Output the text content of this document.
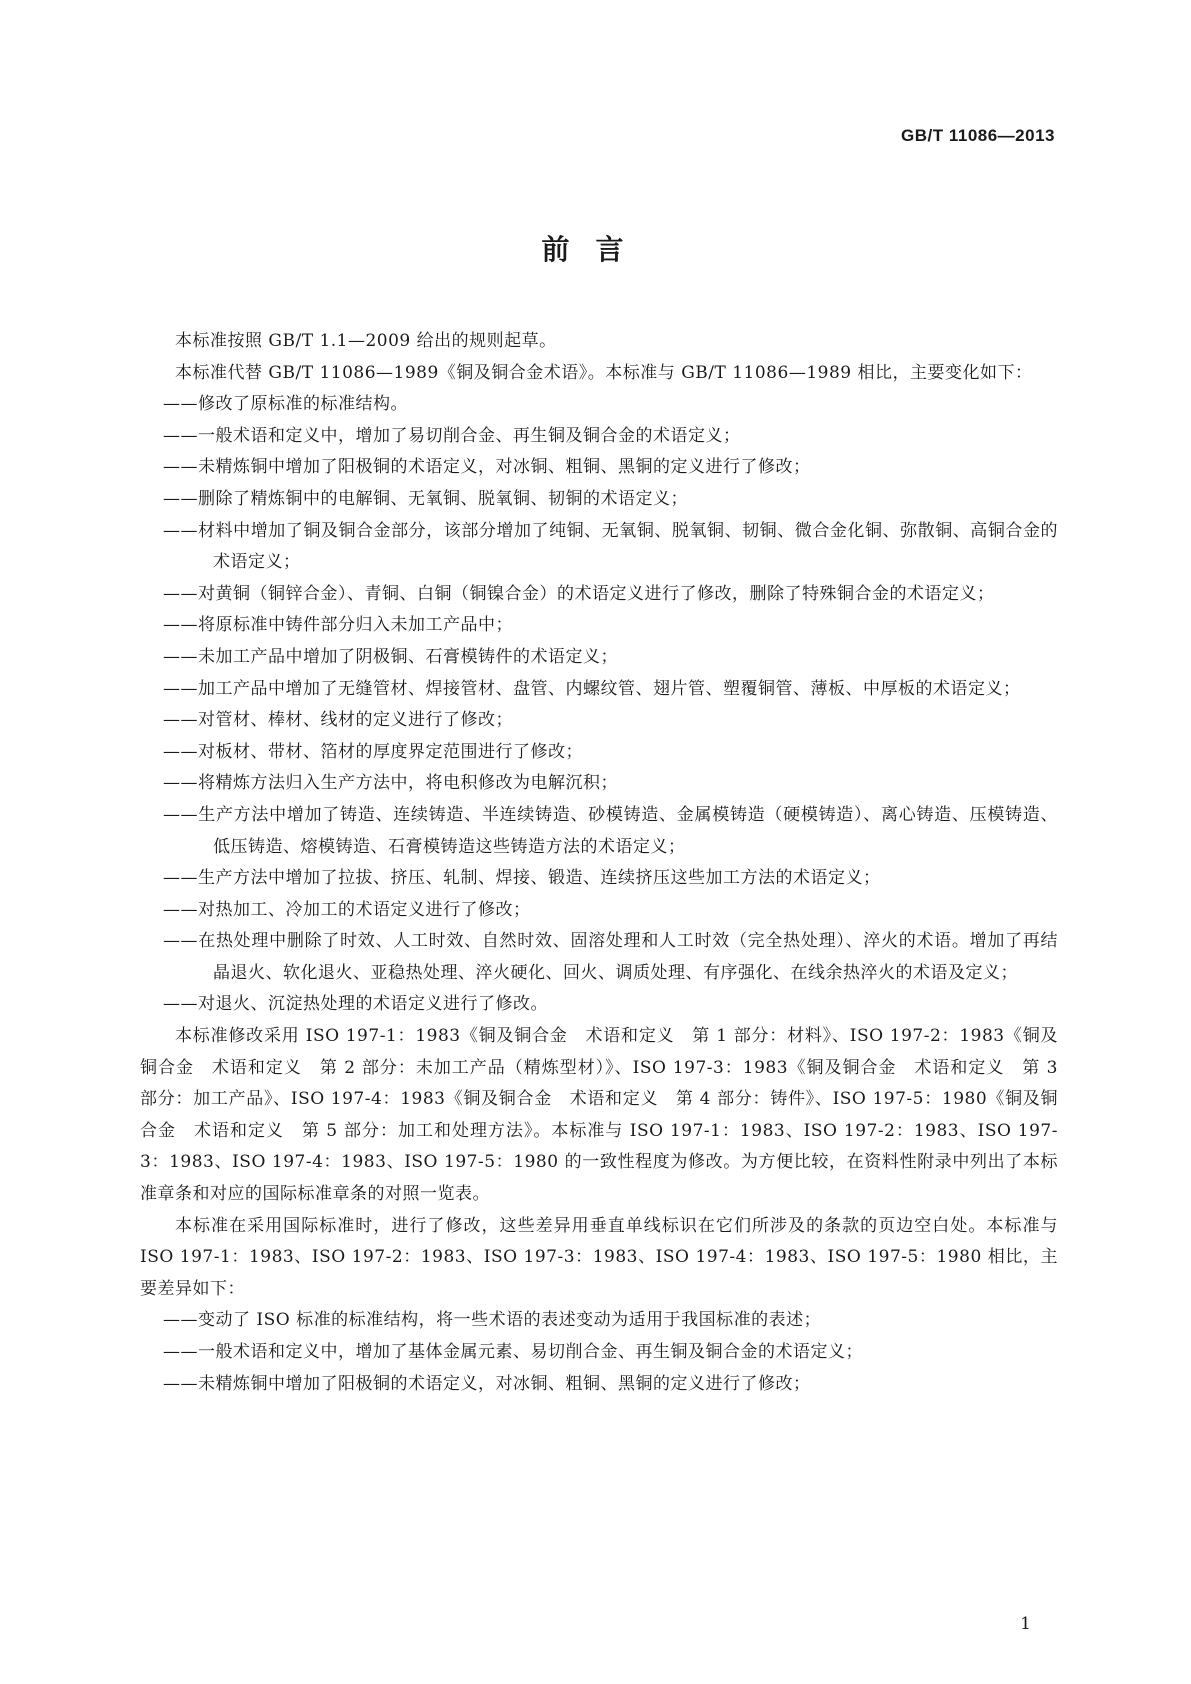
GB/T 11086—2013
前言

本标准按照 GB/T 1.1—2009 给出的规则起草。

本标准代替 GB/T 11086—1989《铜及铜合金术语》。本标准与 GB/T 11086—1989 相比，主要变化如下：

——修改了原标准的标准结构。

——一般术语和定义中，增加了易切削合金、再生铜及铜合金的术语定义；

——未精炼铜中增加了阳极铜的术语定义，对冰铜、粗铜、黑铜的定义进行了修改；

——删除了精炼铜中的电解铜、无氧铜、脱氧铜、韧铜的术语定义；

——材料中增加了铜及铜合金部分，该部分增加了纯铜、无氧铜、脱氧铜、韧铜、微合金化铜、弥散铜、高铜合金的术语定义；

——对黄铜（铜锌合金）、青铜、白铜（铜镍合金）的术语定义进行了修改，删除了特殊铜合金的术语定义；

——将原标准中铸件部分归入未加工产品中；

——未加工产品中增加了阴极铜、石膏模铸件的术语定义；

——加工产品中增加了无缝管材、焊接管材、盘管、内螺纹管、翅片管、塑覆铜管、薄板、中厚板的术语定义；

——对管材、棒材、线材的定义进行了修改；

——对板材、带材、箔材的厚度界定范围进行了修改；

——将精炼方法归入生产方法中，将电积修改为电解沉积；

——生产方法中增加了铸造、连续铸造、半连续铸造、砂模铸造、金属模铸造（硬模铸造）、离心铸造、压模铸造、低压铸造、熔模铸造、石膏模铸造这些铸造方法的术语定义；

——生产方法中增加了拉拔、挤压、轧制、焊接、锻造、连续挤压这些加工方法的术语定义；

——对热加工、冷加工的术语定义进行了修改；

——在热处理中删除了时效、人工时效、自然时效、固溶处理和人工时效（完全热处理）、淬火的术语。增加了再结晶退火、软化退火、亚稳热处理、淬火硬化、回火、调质处理、有序强化、在线余热淬火的术语及定义；

——对退火、沉淀热处理的术语定义进行了修改。

本标准修改采用 ISO 197-1：1983《铜及铜合金　术语和定义　第 1 部分：材料》、ISO 197-2：1983《铜及铜合金　术语和定义　第 2 部分：未加工产品（精炼型材）》、ISO 197-3：1983《铜及铜合金　术语和定义　第 3 部分：加工产品》、ISO 197-4：1983《铜及铜合金　术语和定义　第 4 部分：铸件》、ISO 197-5：1980《铜及铜合金　术语和定义　第 5 部分：加工和处理方法》。本标准与 ISO 197-1：1983、ISO 197-2：1983、ISO 197-3：1983、ISO 197-4：1983、ISO 197-5：1980 的一致性程度为修改。为方便比较，在资料性附录中列出了本标准章条和对应的国际标准章条的对照一览表。

本标准在采用国际标准时，进行了修改，这些差异用垂直单线标识在它们所涉及的条款的页边空白处。本标准与 ISO 197-1：1983、ISO 197-2：1983、ISO 197-3：1983、ISO 197-4：1983、ISO 197-5：1980 相比，主要差异如下：

——变动了 ISO 标准的标准结构，将一些术语的表述变动为适用于我国标准的表述；

——一般术语和定义中，增加了基体金属元素、易切削合金、再生铜及铜合金的术语定义；

——未精炼铜中增加了阳极铜的术语定义，对冰铜、粗铜、黑铜的定义进行了修改；

1
